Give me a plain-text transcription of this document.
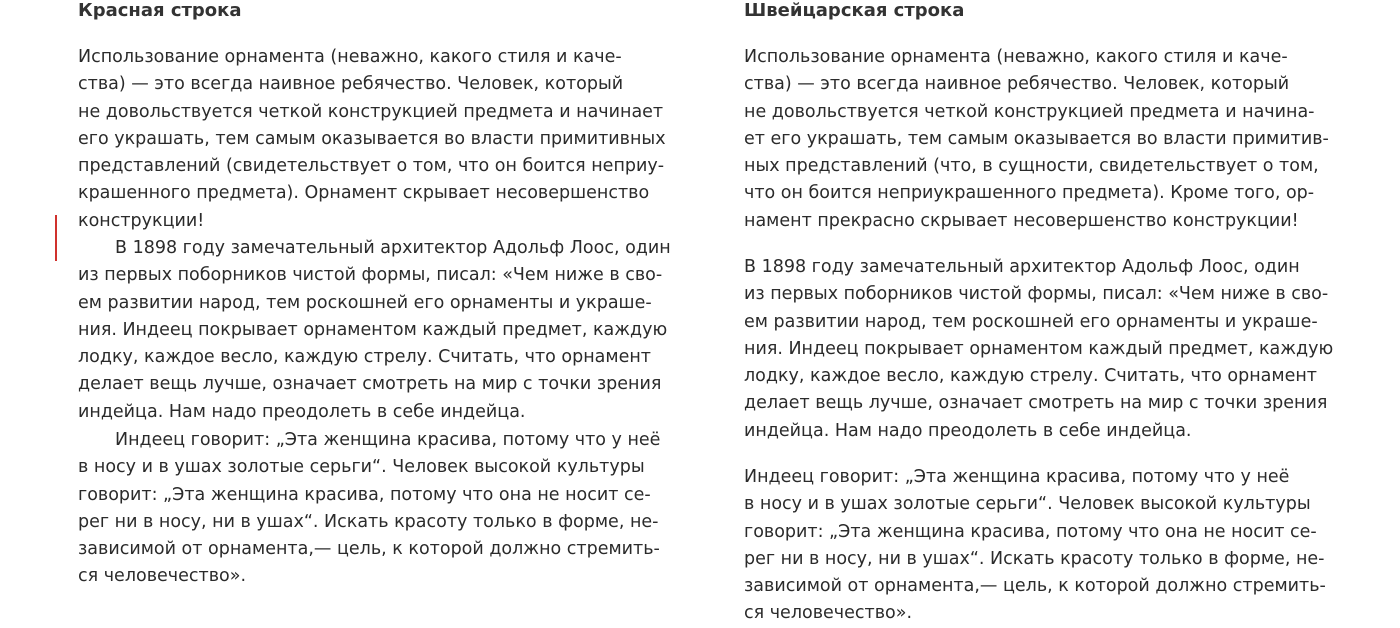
Красная строка
Использование орнамента (неважно, какого стиля и каче-
ства) — это всегда наивное ребячество. Человек, который
не довольствуется четкой конструкцией предмета и начинает
его украшать, тем самым оказывается во власти примитивных
представлений (свидетельствует о том, что он боится неприу-
крашенного предмета). Орнамент скрывает несовершенство
конструкции!
В 1898 году замечательный архитектор Адольф Лоос, один
из первых поборников чистой формы, писал: «Чем ниже в сво-
ем развитии народ, тем роскошней его орнаменты и украше-
ния. Индеец покрывает орнаментом каждый предмет, каждую
лодку, каждое весло, каждую стрелу. Считать, что орнамент
делает вещь лучше, означает смотреть на мир с точки зрения
индейца. Нам надо преодолеть в себе индейца.
Индеец говорит: „Эта женщина красива, потому что у неё
в носу и в ушах золотые серьги“. Человек высокой культуры
говорит: „Эта женщина красива, потому что она не носит се-
рег ни в носу, ни в ушах“. Искать красоту только в форме, не-
зависимой от орнамента,— цель, к которой должно стремить-
ся человечество».
Швейцарская строка
Использование орнамента (неважно, какого стиля и каче-
ства) — это всегда наивное ребячество. Человек, который
не довольствуется четкой конструкцией предмета и начина-
ет его украшать, тем самым оказывается во власти примитив-
ных представлений (что, в сущности, свидетельствует о том,
что он боится неприукрашенного предмета). Кроме того, ор-
намент прекрасно скрывает несовершенство конструкции!
В 1898 году замечательный архитектор Адольф Лоос, один
из первых поборников чистой формы, писал: «Чем ниже в сво-
ем развитии народ, тем роскошней его орнаменты и украше-
ния. Индеец покрывает орнаментом каждый предмет, каждую
лодку, каждое весло, каждую стрелу. Считать, что орнамент
делает вещь лучше, означает смотреть на мир с точки зрения
индейца. Нам надо преодолеть в себе индейца.
Индеец говорит: „Эта женщина красива, потому что у неё
в носу и в ушах золотые серьги“. Человек высокой культуры
говорит: „Эта женщина красива, потому что она не носит се-
рег ни в носу, ни в ушах“. Искать красоту только в форме, не-
зависимой от орнамента,— цель, к которой должно стремить-
ся человечество».
